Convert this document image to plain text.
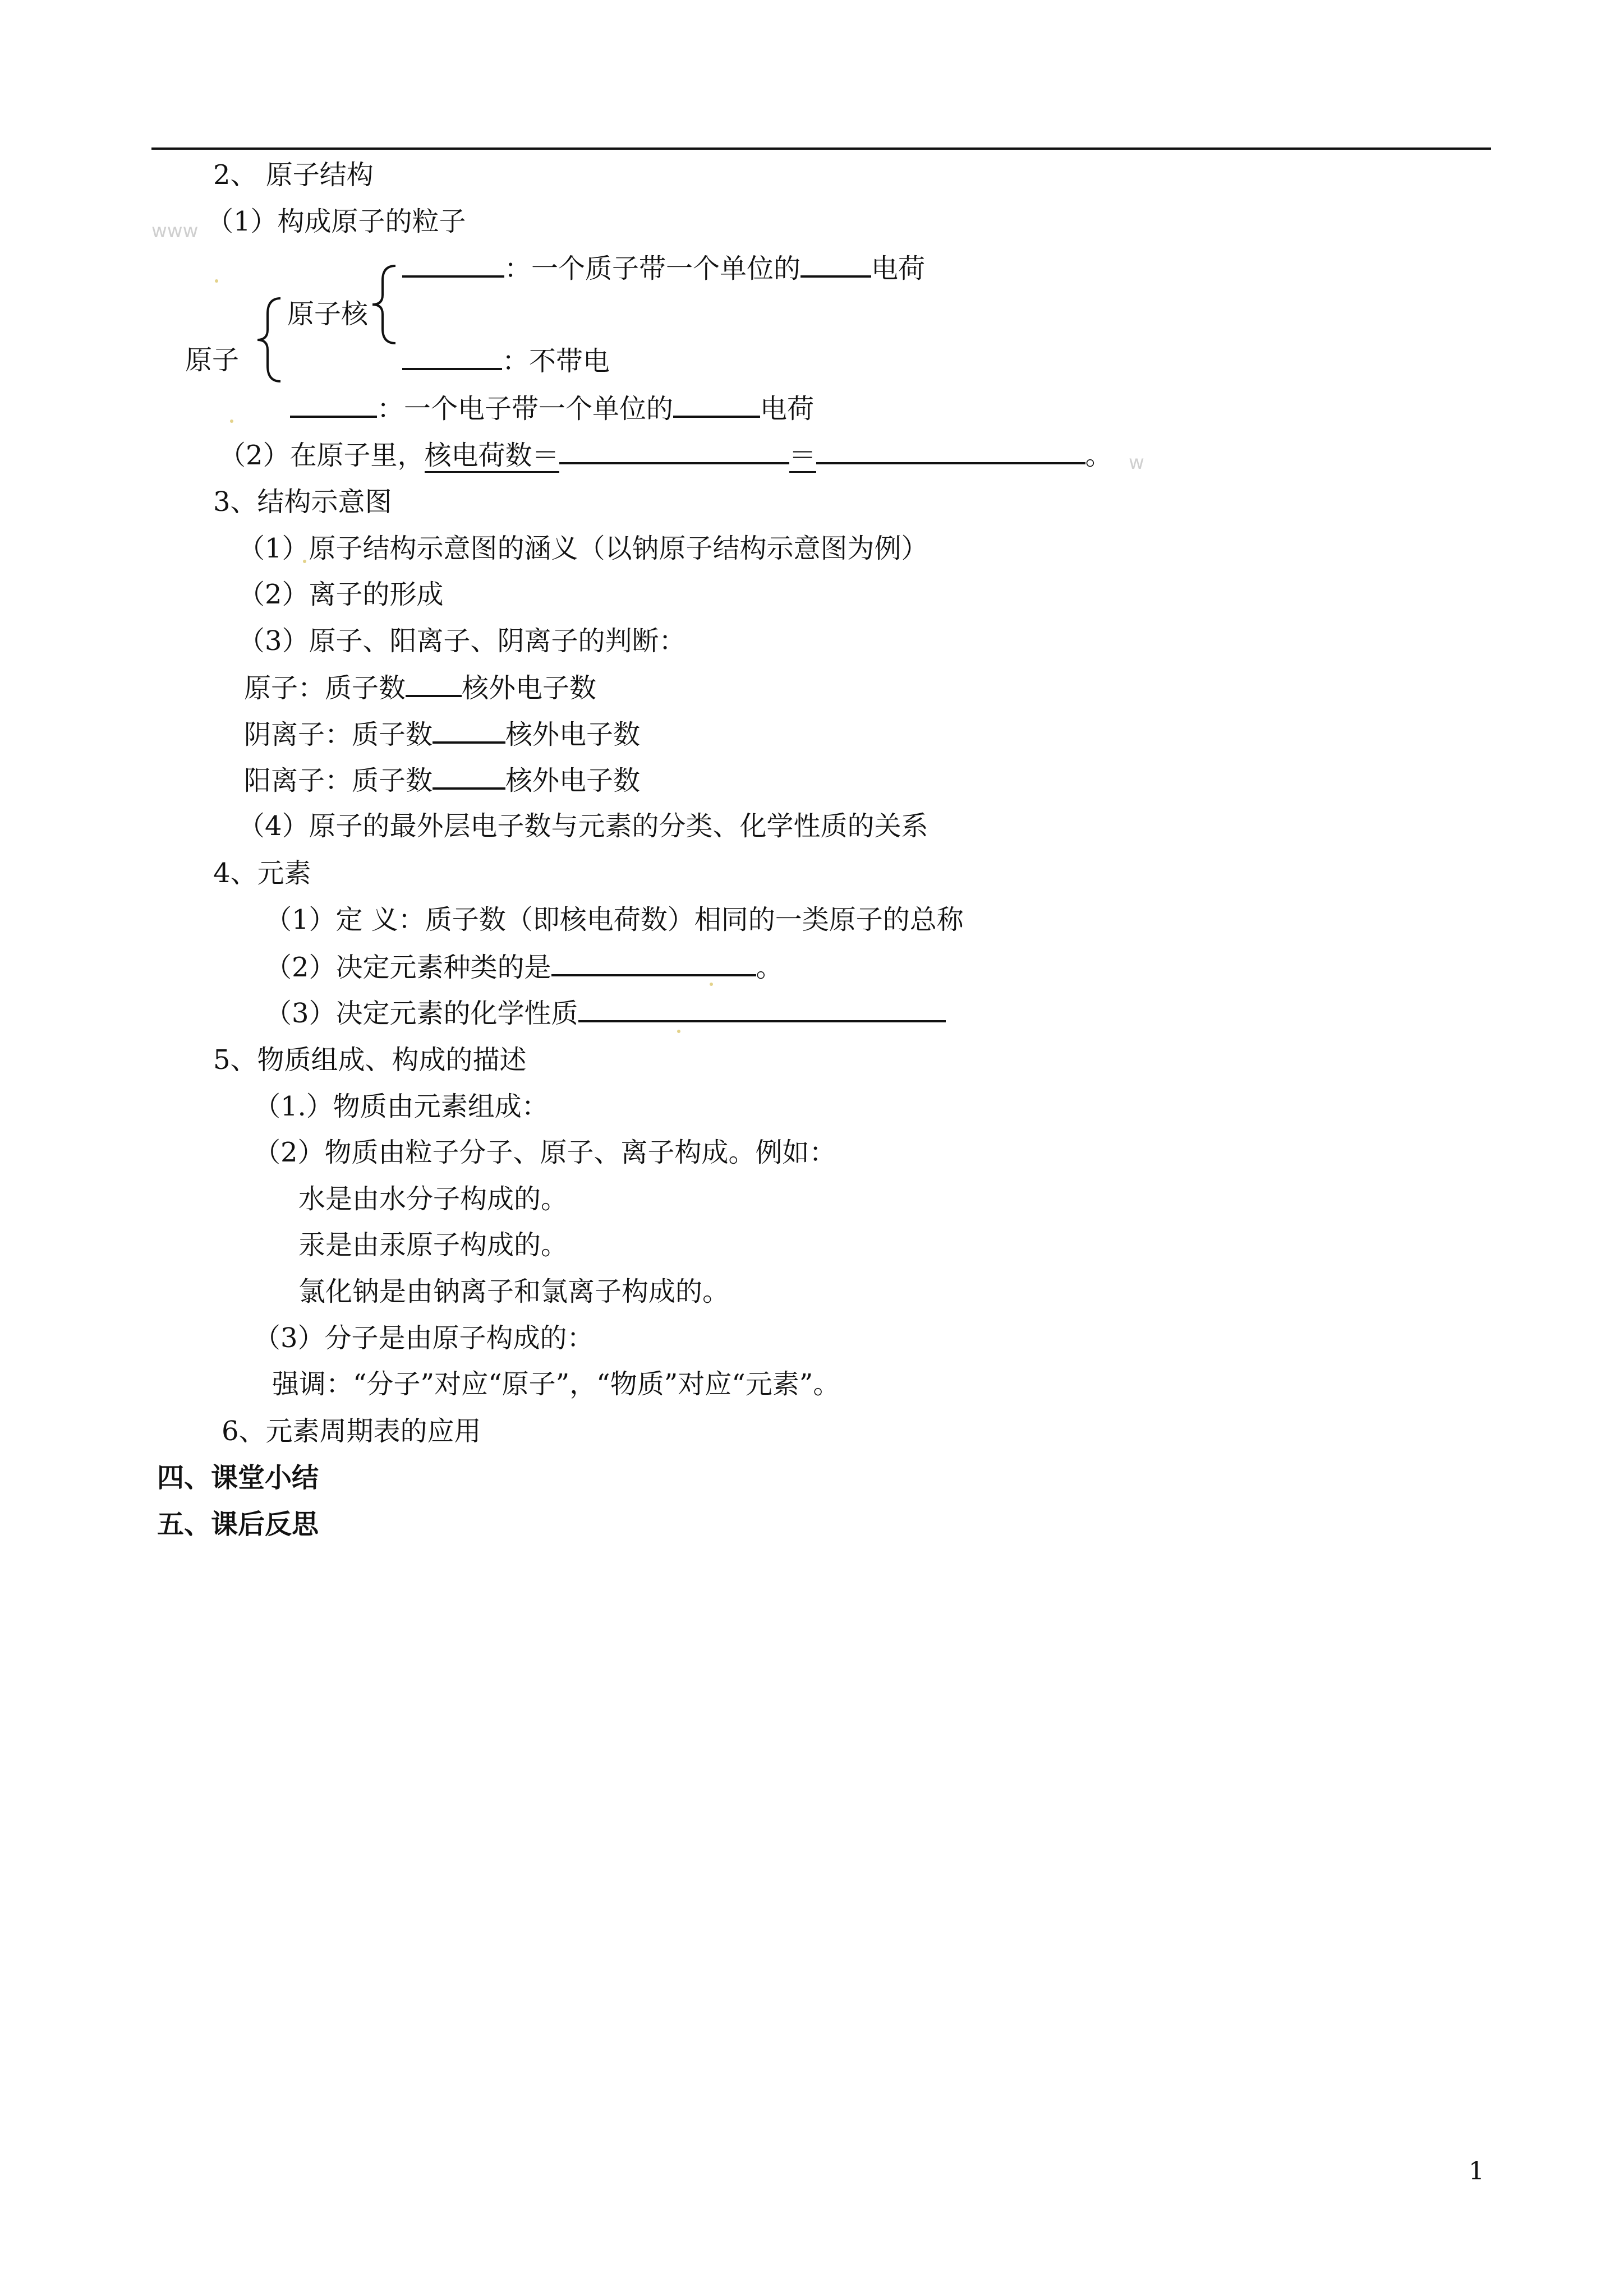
www
w
2、 原子结构
（1）构成原子的粒子
：一个质子带一个单位的	电荷
原子核
原子	：不带电
：一个电子带一个单位的	电荷
（2）在原子里，核电荷数＝	＝	。
3、结构示意图
（1）原子结构示意图的涵义（以钠原子结构示意图为例）
（2）离子的形成
（3）原子、阳离子、阴离子的判断：
原子：质子数 核外电子数
阴离子：质子数	核外电子数
阳离子：质子数	核外电子数
（4）原子的最外层电子数与元素的分类、化学性质的关系
4、元素
（1）定 义：质子数（即核电荷数）相同的一类原子的总称
（2）决定元素种类的是	。
（3）决定元素的化学性质
5、物质组成、构成的描述
（1.）物质由元素组成：
（2）物质由粒子分子、原子、离子构成。例如：
水是由水分子构成的。
汞是由汞原子构成的。
氯化钠是由钠离子和氯离子构成的。
（3）分子是由原子构成的：
强调：“分子”对应“原子”，“物质”对应“元素”。
6、元素周期表的应用
四、课堂小结
五、课后反思
1
